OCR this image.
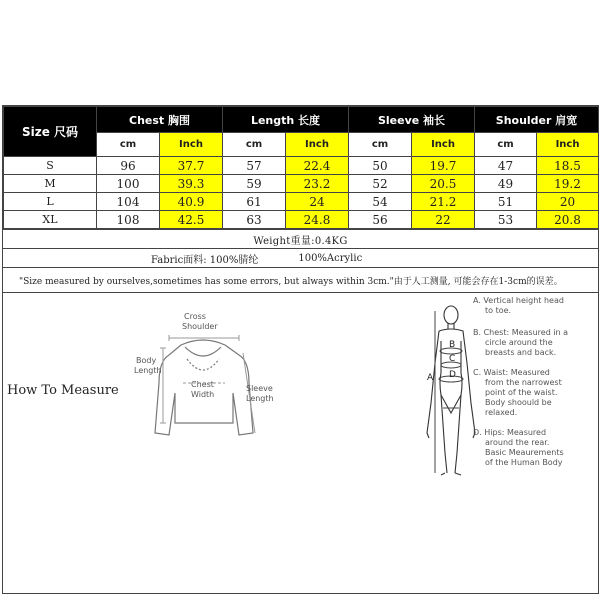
Size 尺码	Chest 胸围		Length 长度		Sleeve 袖长		Shoulder 肩宽	
	cm	Inch	cm	Inch	cm	Inch	cm	Inch
S	96	37.7	57	22.4	50	19.7	47	18.5
M	100	39.3	59	23.2	52	20.5	49	19.2
L	104	40.9	61	24	54	21.2	51	20
XL	108	42.5	63	24.8	56	22	53	20.8
Weight重量:0.4KG
Fabric面料: 100%腈纶	100%Acrylic
"Size measured by ourselves,sometimes has some errors, but always within 3cm."由于人工测量, 可能会存在1-3cm的误差。
How To Measure
Cross
Shoulder
Body
Length
Chest
Width
Sleeve
Length
A
B
C
D
A. Vertical height head
to toe.
B. Chest: Measured in a
circle around the
breasts and back.
C. Waist: Measured
from the narrowest
point of the waist.
Body shoould be
relaxed.
D. Hips: Measured
around the rear.
Basic Meaurements
of the Human Body
